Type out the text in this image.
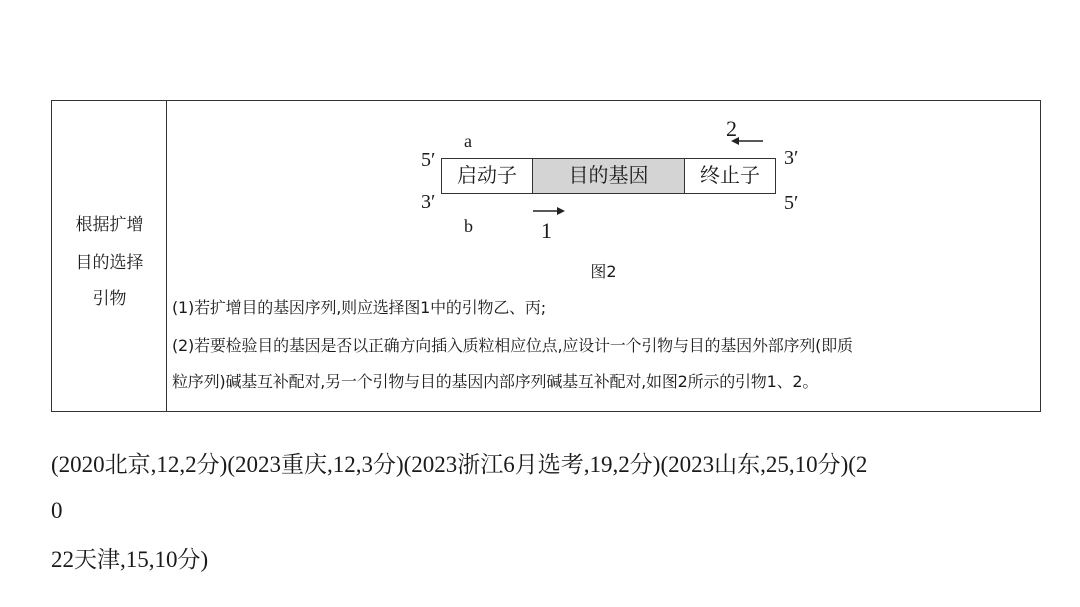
根据扩增
目的选择
引物
a
5′
3′
b
启动子	目的基因	终止子
3′
5′
2
1
图2
(1)若扩增目的基因序列,则应选择图1中的引物乙、丙;
(2)若要检验目的基因是否以正确方向插入质粒相应位点,应设计一个引物与目的基因外部序列(即质
粒序列)碱基互补配对,另一个引物与目的基因内部序列碱基互补配对,如图2所示的引物1、2。
(2020北京,12,2分)(2023重庆,12,3分)(2023浙江6月选考,19,2分)(2023山东,25,10分)(2
0
22天津,15,10分)
